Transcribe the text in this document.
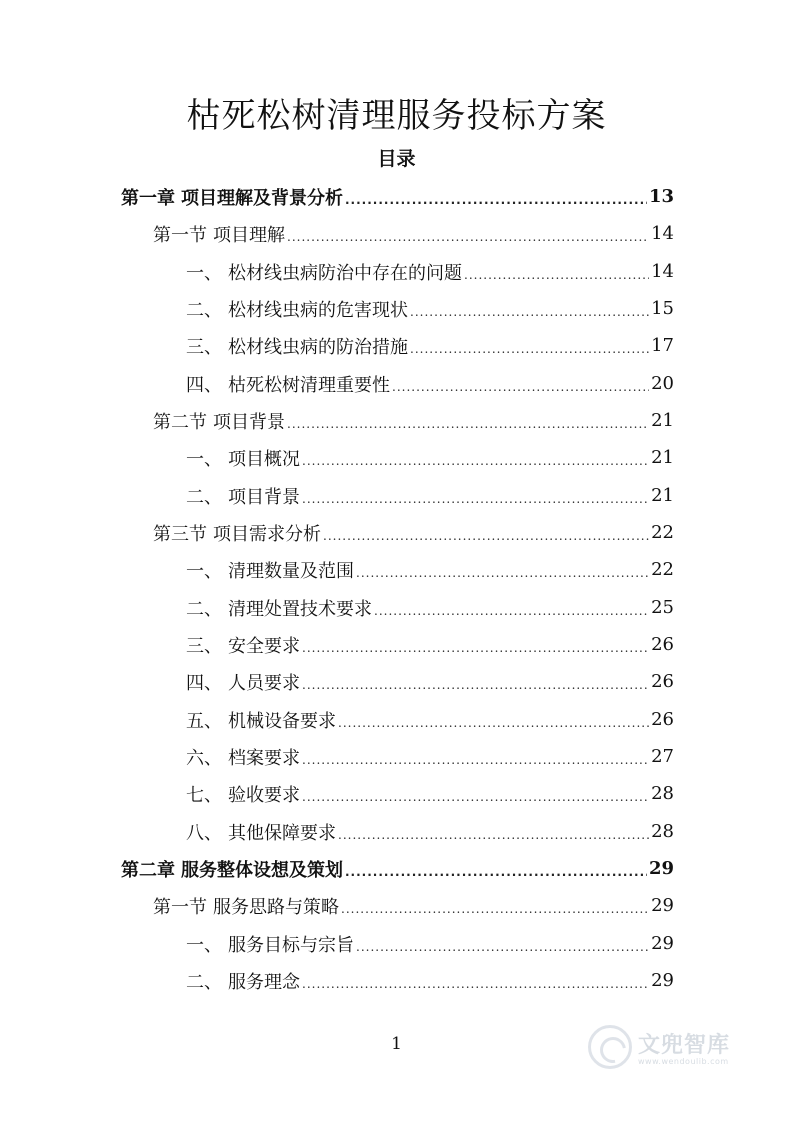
枯死松树清理服务投标方案
目录
第一章 项目理解及背景分析 .....	13
第一节 项目理解 .....	14
一、 松材线虫病防治中存在的问题 .....	14
二、 松材线虫病的危害现状 .....	15
三、 松材线虫病的防治措施 .....	17
四、 枯死松树清理重要性 .....	20
第二节 项目背景 .....	21
一、 项目概况 .....	21
二、 项目背景 .....	21
第三节 项目需求分析 .....	22
一、 清理数量及范围 .....	22
二、 清理处置技术要求 .....	25
三、 安全要求 .....	26
四、 人员要求 .....	26
五、 机械设备要求 .....	26
六、 档案要求 .....	27
七、 验收要求 .....	28
八、 其他保障要求 .....	28
第二章 服务整体设想及策划 .....	29
第一节 服务思路与策略 .....	29
一、 服务目标与宗旨 .....	29
二、 服务理念 .....	29
1	文兜智库
www.wendoulib.com
